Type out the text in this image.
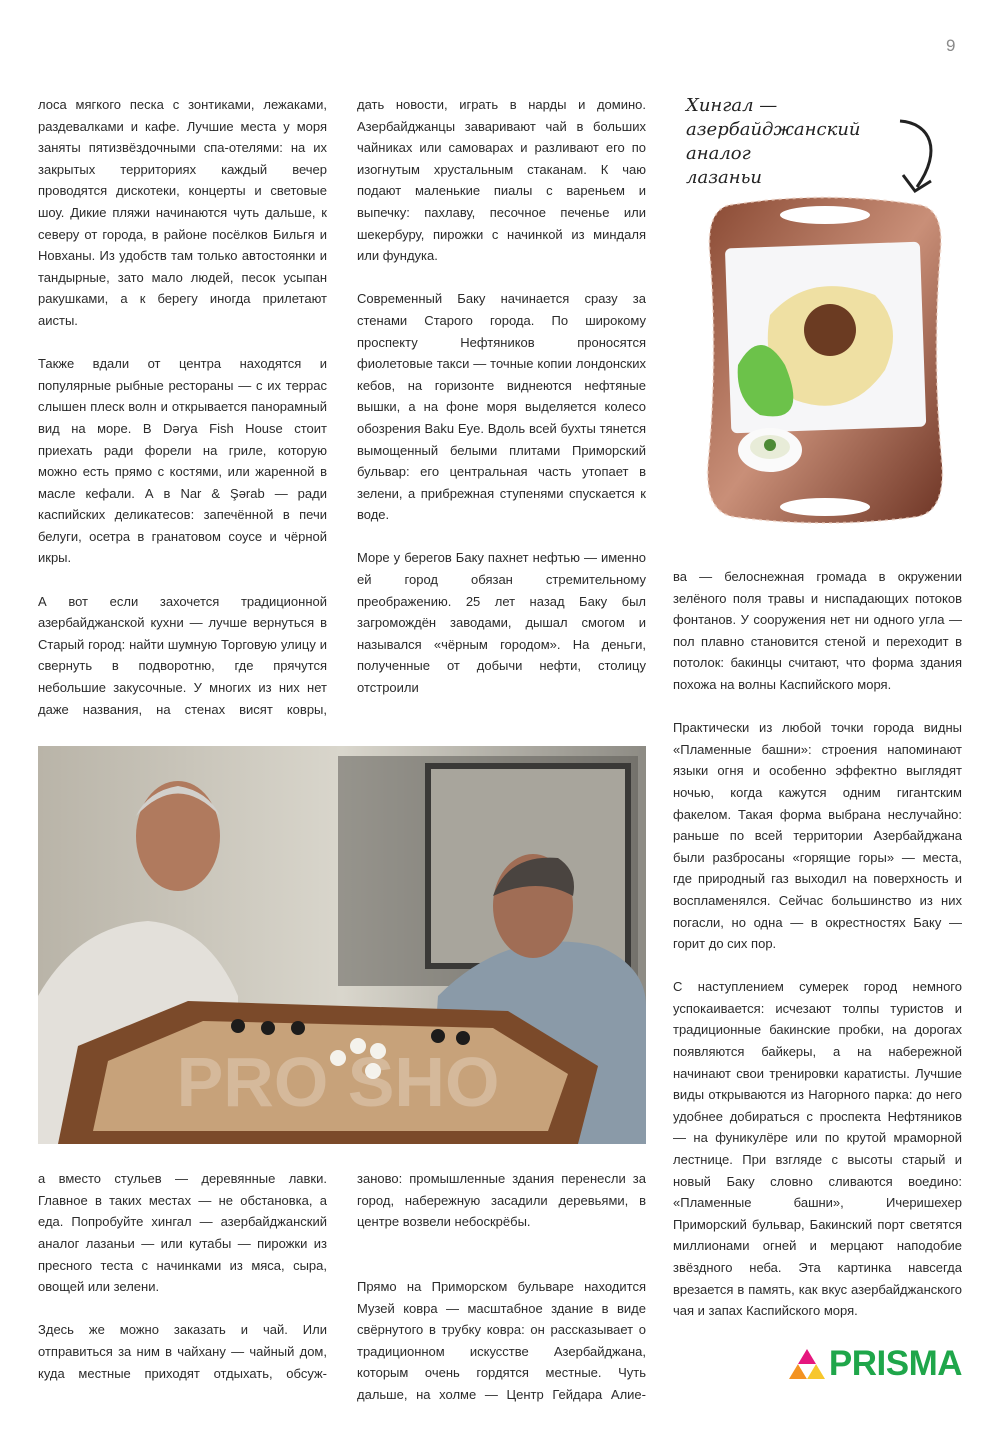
9

лоса мягкого песка с зонтиками, лежаками, раздевалками и кафе. Лучшие места у моря заняты пятизвёздочными спа-отелями: на их закрытых территориях каждый вечер проводятся дискотеки, концерты и световые шоу. Дикие пляжи начинаются чуть дальше, к северу от города, в районе посёлков Бильгя и Новханы. Из удобств там только автостоянки и тандырные, зато мало людей, песок усыпан ракушками, а к берегу иногда прилетают аисты.

Также вдали от центра находятся и популярные рыбные рестораны — с их террас слышен плеск волн и открывается панорамный вид на море. В Dərya Fish House стоит приехать ради форели на гриле, которую можно есть прямо с костями, или жаренной в масле кефали. А в Nar & Şərab — ради каспийских деликатесов: запечённой в печи белуги, осетра в гранатовом соусе и чёрной икры.

А вот если захочется традиционной азербайджанской кухни — лучше вернуться в Старый город: найти шумную Торговую улицу и свернуть в подворотню, где прячутся небольшие закусочные. У многих из них нет даже названия, на стенах висят ковры,

дать новости, играть в нарды и домино. Азербайджанцы заваривают чай в больших чайниках или самоварах и разливают его по изогнутым хрустальным стаканам. К чаю подают маленькие пиалы с вареньем и выпечку: пахлаву, песочное печенье или шекербуру, пирожки с начинкой из миндаля или фундука.

Современный Баку начинается сразу за стенами Старого города. По широкому проспекту Нефтяников проносятся фиолетовые такси — точные копии лондонских кебов, на горизонте виднеются нефтяные вышки, а на фоне моря выделяется колесо обозрения Baku Eye. Вдоль всей бухты тянется вымощенный белыми плитами Приморский бульвар: его центральная часть утопает в зелени, а прибрежная ступенями спускается к воде.

Море у берегов Баку пахнет нефтью — именно ей город обязан стремительному преображению. 25 лет назад Баку был загромождён заводами, дышал смогом и назывался «чёрным городом». На деньги, полученные от добычи нефти, столицу отстроили

PRO SHO

а вместо стульев — деревянные лавки. Главное в таких местах — не обстановка, а еда. Попробуйте хингал — азербайджанский аналог лазаньи — или кутабы — пирожки из пресного теста с начинками из мяса, сыра, овощей или зелени.

Здесь же можно заказать и чай. Или отправиться за ним в чайхану — чайный дом, куда местные приходят отдыхать, обсуж-

заново: промышленные здания перенесли за город, набережную засадили деревьями, в центре возвели небоскрёбы.

Прямо на Приморском бульваре находится Музей ковра — масштабное здание в виде свёрнутого в трубку ковра: он рассказывает о традиционном искусстве Азербайджана, которым очень гордятся местные. Чуть дальше, на холме — Центр Гейдара Алие-

Хингал —
азербайджанский аналог
лазаньи

ва — белоснежная громада в окружении зелёного поля травы и ниспадающих потоков фонтанов. У сооружения нет ни одного угла — пол плавно становится стеной и переходит в потолок: бакинцы считают, что форма здания похожа на волны Каспийского моря.

Практически из любой точки города видны «Пламенные башни»: строения напоминают языки огня и особенно эффектно выглядят ночью, когда кажутся одним гигантским факелом. Такая форма выбрана неслучайно: раньше по всей территории Азербайджана были разбросаны «горящие горы» — места, где природный газ выходил на поверхность и воспламенялся. Сейчас большинство из них погасли, но одна — в окрестностях Баку — горит до сих пор.

С наступлением сумерек город немного успокаивается: исчезают толпы туристов и традиционные бакинские пробки, на дорогах появляются байкеры, а на набережной начинают свои тренировки каратисты. Лучшие виды открываются из Нагорного парка: до него удобнее добираться с проспекта Нефтяников — на фуникулёре или по крутой мраморной лестнице. При взгляде с высоты старый и новый Баку словно сливаются воедино: «Пламенные башни», Ичеришехер Приморский бульвар, Бакинский порт светятся миллионами огней и мерцают наподобие звёздного неба. Эта картинка навсегда врезается в память, как вкус азербайджанского чая и запах Каспийского моря.

PRISMA
